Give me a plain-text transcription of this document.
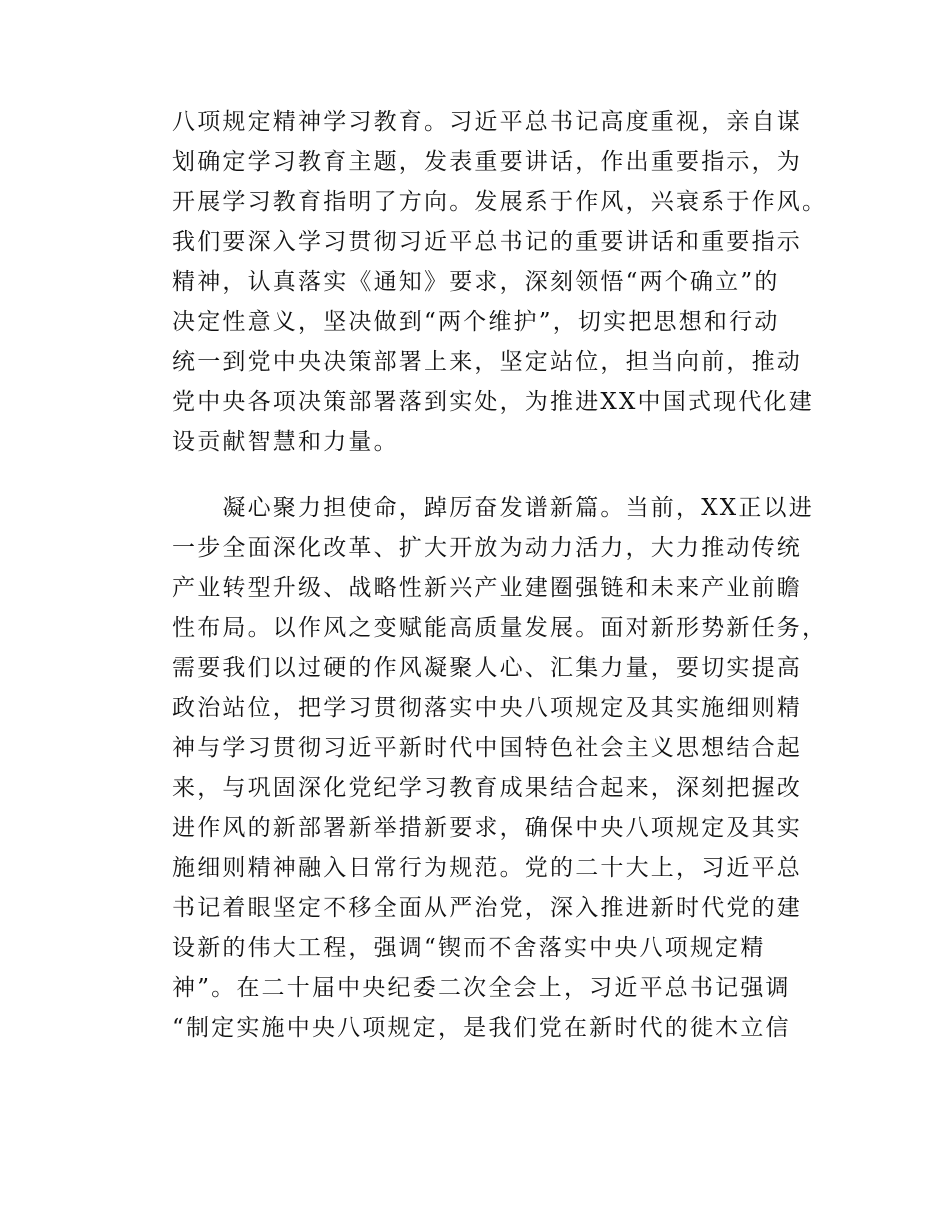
八项规定精神学习教育。习近平总书记高度重视，亲自谋
划确定学习教育主题，发表重要讲话，作出重要指示，为
开展学习教育指明了方向。发展系于作风，兴衰系于作风。
我们要深入学习贯彻习近平总书记的重要讲话和重要指示
精神，认真落实《通知》要求，深刻领悟“两个确立”的
决定性意义，坚决做到“两个维护”，切实把思想和行动
统一到党中央决策部署上来，坚定站位，担当向前，推动
党中央各项决策部署落到实处，为推进XX中国式现代化建
设贡献智慧和力量。
　　凝心聚力担使命，踔厉奋发谱新篇。当前，XX正以进
一步全面深化改革、扩大开放为动力活力，大力推动传统
产业转型升级、战略性新兴产业建圈强链和未来产业前瞻
性布局。以作风之变赋能高质量发展。面对新形势新任务，
需要我们以过硬的作风凝聚人心、汇集力量，要切实提高
政治站位，把学习贯彻落实中央八项规定及其实施细则精
神与学习贯彻习近平新时代中国特色社会主义思想结合起
来，与巩固深化党纪学习教育成果结合起来，深刻把握改
进作风的新部署新举措新要求，确保中央八项规定及其实
施细则精神融入日常行为规范。党的二十大上，习近平总
书记着眼坚定不移全面从严治党，深入推进新时代党的建
设新的伟大工程，强调“锲而不舍落实中央八项规定精
神”。在二十届中央纪委二次全会上，习近平总书记强调
“制定实施中央八项规定，是我们党在新时代的徙木立信
